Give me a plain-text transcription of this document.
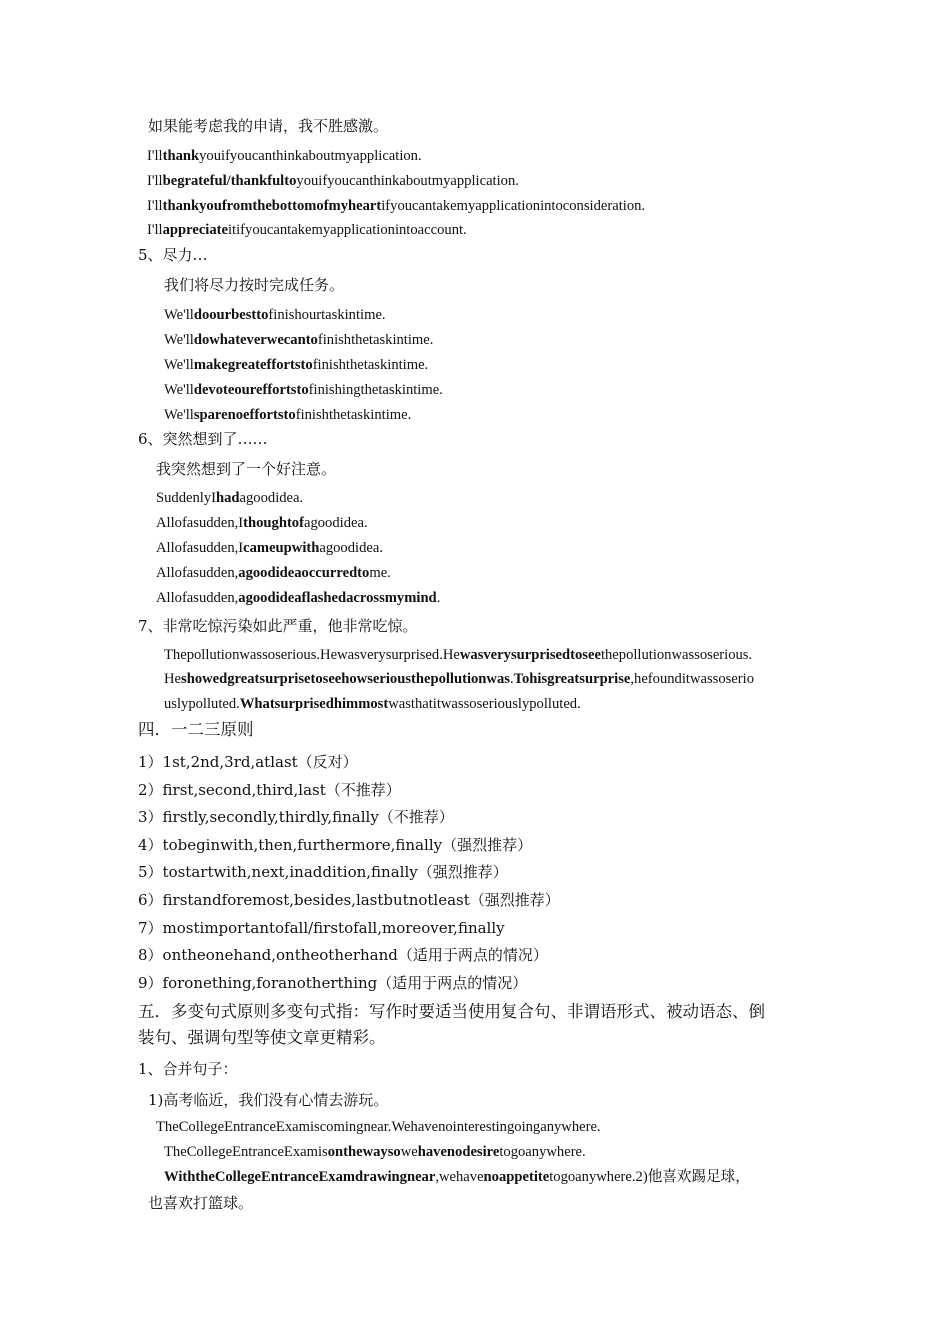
如果能考虑我的申请，我不胜感激。
I'llthankyouifyoucanthinkaboutmyapplication.
I'llbegrateful/thankfultoyouifyoucanthinkaboutmyapplication.
I'llthankyoufromthebottomofmyheartifyoucantakemyapplicationintoconsideration.
I'llappreciateitifyoucantakemyapplicationintoaccount.
5、尽力…
我们将尽力按时完成任务。
We'lldoourbesttofinishourtaskintime.
We'lldowhateverwecantofinishthetaskintime.
We'llmakegreateffortstofinishthetaskintime.
We'lldevoteoureffortstofinishingthetaskintime.
We'llsparenoeffortstofinishthetaskintime.
6、突然想到了……
我突然想到了一个好注意。
SuddenlyIhadagoodidea.
Allofasudden,Ithoughtofagoodidea.
Allofasudden,Icameupwithagoodidea.
Allofasudden,agoodideaoccurredtome.
Allofasudden,agoodideaflashedacrossmymind.
7、非常吃惊污染如此严重，他非常吃惊。
Thepollutionwassoserious.Hewasverysurprised.Hewasverysurprisedtoseethepollutionwassoserious.
Heshowedgreatsurprisetoseehowseriousthepollutionwas.Tohisgreatsurprise,hefounditwassoserio
uslypolluted.Whatsurprisedhimmostwasthatitwassoseriouslypolluted.
四．一二三原则
1）1st,2nd,3rd,atlast（反对）
2）first,second,third,last（不推荐）
3）firstly,secondly,thirdly,finally（不推荐）
4）tobeginwith,then,furthermore,finally（强烈推荐）
5）tostartwith,next,inaddition,finally（强烈推荐）
6）firstandforemost,besides,lastbutnotleast（强烈推荐）
7）mostimportantofall/firstofall,moreover,finally
8）ontheonehand,ontheotherhand（适用于两点的情况）
9）foronething,foranotherthing（适用于两点的情况）
五．多变句式原则多变句式指：写作时要适当使用复合句、非谓语形式、被动语态、倒
装句、强调句型等使文章更精彩。
1、合并句子：
1)高考临近，我们没有心情去游玩。
TheCollegeEntranceExamiscomingnear.Wehavenointerestingoinganywhere.
TheCollegeEntranceExamisonthewaysowehavenodesiretogoanywhere.
WiththeCollegeEntranceExamdrawingnear,wehavenoappetitetogoanywhere.2)他喜欢踢足球，
也喜欢打篮球。
